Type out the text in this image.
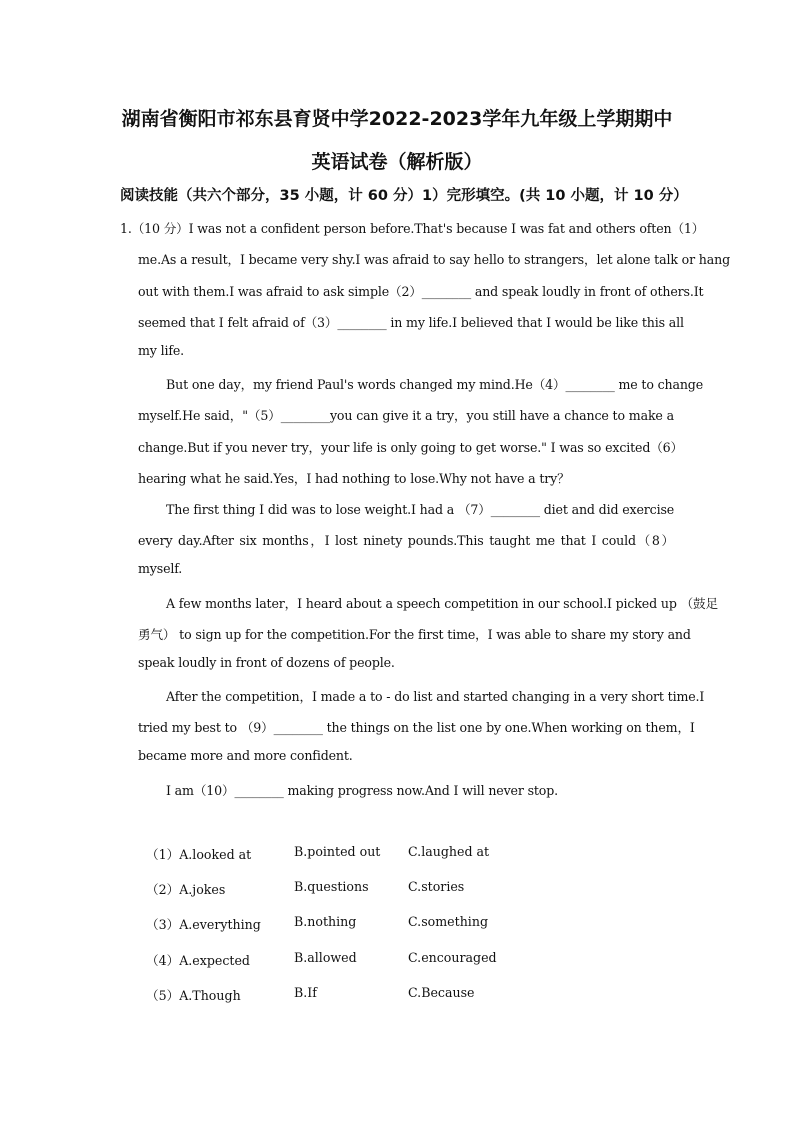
湖南省衡阳市祁东县育贤中学2022-2023学年九年级上学期期中
英语试卷（解析版）
阅读技能（共六个部分，35 小题，计 60 分）1）完形填空。(共 10 小题，计 10 分）
1.（10 分）I was not a confident person before.That's because I was fat and others often（1）
me.As a result，I became very shy.I was afraid to say hello to strangers，let alone talk or hang
out with them.I was afraid to ask simple（2）________ and speak loudly in front of others.It
seemed that I felt afraid of（3）________ in my life.I believed that I would be like this all
my life.
But one day，my friend Paul's words changed my mind.He（4）________ me to change
myself.He said，"（5）________you can give it a try，you still have a chance to make a
change.But if you never try，your life is only going to get worse." I was so excited（6）
hearing what he said.Yes，I had nothing to lose.Why not have a try？
The first thing I did was to lose weight.I had a （7）________ diet and did exercise
every day.After six months，I lost ninety pounds.This taught me that I could（8）
myself.
A few months later，I heard about a speech competition in our school.I picked up （鼓足
勇气） to sign up for the competition.For the first time，I was able to share my story and
speak loudly in front of dozens of people.
After the competition，I made a to - do list and started changing in a very short time.I
tried my best to （9）________ the things on the list one by one.When working on them，I
became more and more confident.
I am（10）________ making progress now.And I will never stop.
（1）A.looked at	B.pointed out C.laughed at
（2）A.jokes	B.questions	C.stories
（3）A.everything	B.nothing	C.something
（4）A.expected	B.allowed	C.encouraged
（5）A.Though	B.If	C.Because
